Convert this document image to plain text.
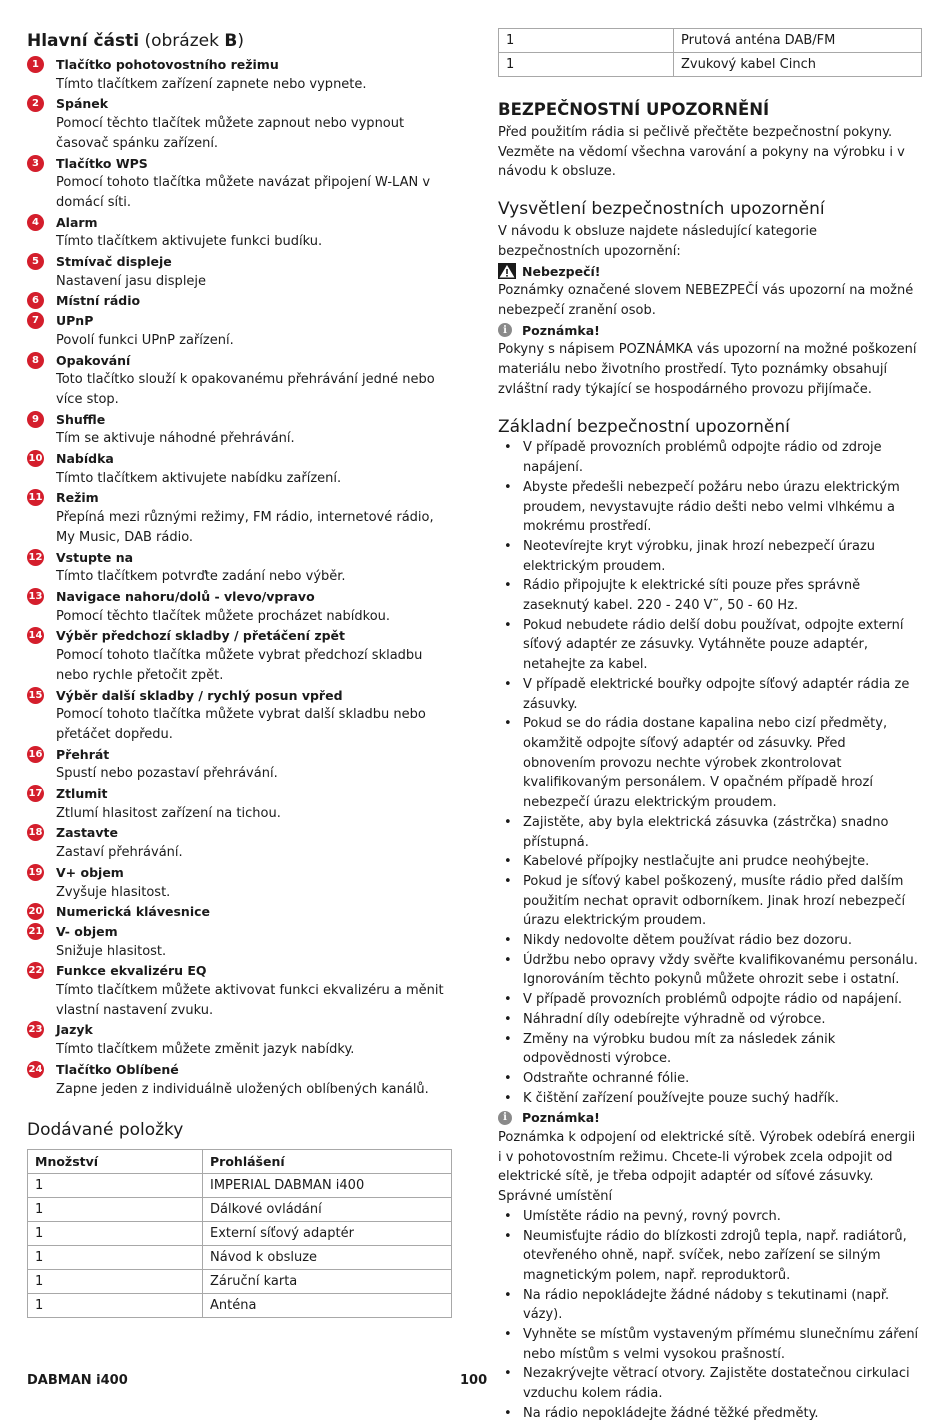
Hlavní části (obrázek B)
1	Tlačítko pohotovostního režimu
Tímto tlačítkem zařízení zapnete nebo vypnete.
2	Spánek
Pomocí těchto tlačítek můžete zapnout nebo vypnout časovač spánku zařízení.
3	Tlačítko WPS
Pomocí tohoto tlačítka můžete navázat připojení W-LAN v domácí síti.
4	Alarm
Tímto tlačítkem aktivujete funkci budíku.
5	Stmívač displeje
Nastavení jasu displeje
6	Místní rádio
7	UPnP
Povolí funkci UPnP zařízení.
8	Opakování
Toto tlačítko slouží k opakovanému přehrávání jedné nebo více stop.
9	Shuffle
Tím se aktivuje náhodné přehrávání.
10 Nabídka
Tímto tlačítkem aktivujete nabídku zařízení.
11 Režim
Přepíná mezi různými režimy, FM rádio, internetové rádio, My Music, DAB rádio.
12 Vstupte na
Tímto tlačítkem potvrďte zadání nebo výběr.
13 Navigace nahoru/dolů - vlevo/vpravo
Pomocí těchto tlačítek můžete procházet nabídkou.
14 Výběr předchozí skladby / přetáčení zpět
Pomocí tohoto tlačítka můžete vybrat předchozí skladbu nebo rychle přetočit zpět.
15 Výběr další skladby / rychlý posun vpřed
Pomocí tohoto tlačítka můžete vybrat další skladbu nebo přetáčet dopředu.
16 Přehrát
Spustí nebo pozastaví přehrávání.
17 Ztlumit
Ztlumí hlasitost zařízení na tichou.
18 Zastavte
Zastaví přehrávání.
19 V+ objem
Zvyšuje hlasitost.
20 Numerická klávesnice
21 V- objem
Snižuje hlasitost.
22 Funkce ekvalizéru EQ
Tímto tlačítkem můžete aktivovat funkci ekvalizéru a měnit vlastní nastavení zvuku.
23 Jazyk
Tímto tlačítkem můžete změnit jazyk nabídky.
24 Tlačítko Oblíbené
Zapne jeden z individuálně uložených oblíbených kanálů.
Dodávané položky
Množství	Prohlášení
1	IMPERIAL DABMAN i400
1	Dálkové ovládání
1	Externí síťový adaptér
1	Návod k obsluze
1	Záruční karta
1	Anténa
1	Prutová anténa DAB/FM
1	Zvukový kabel Cinch
BEZPEČNOSTNÍ UPOZORNĚNÍ

Před použitím rádia si pečlivě přečtěte bezpečnostní pokyny. Vezměte na vědomí všechna varování a pokyny na výrobku i v návodu k obsluze.

Vysvětlení bezpečnostních upozornění

V návodu k obsluze najdete následující kategorie bezpečnostních upozornění:

Nebezpečí!

Poznámky označené slovem NEBEZPEČÍ vás upozorní na možné nebezpečí zranění osob.

i	Poznámka!

Pokyny s nápisem POZNÁMKA vás upozorní na možné poškození materiálu nebo životního prostředí. Tyto poznámky obsahují zvláštní rady týkající se hospodárného provozu přijímače.

Základní bezpečnostní upozornění
• V případě provozních problémů odpojte rádio od zdroje napájení.
• Abyste předešli nebezpečí požáru nebo úrazu elektrickým proudem, nevystavujte rádio dešti nebo velmi vlhkému a mokrému prostředí.
• Neotevírejte kryt výrobku, jinak hrozí nebezpečí úrazu elektrickým proudem.
• Rádio připojujte k elektrické síti pouze přes správně zaseknutý kabel. 220 - 240 V˜, 50 - 60 Hz.
• Pokud nebudete rádio delší dobu používat, odpojte externí síťový adaptér ze zásuvky. Vytáhněte pouze adaptér, netahejte za kabel.
• V případě elektrické bouřky odpojte síťový adaptér rádia ze zásuvky.
• Pokud se do rádia dostane kapalina nebo cizí předměty, okamžitě odpojte síťový adaptér od zásuvky. Před obnovením provozu nechte výrobek zkontrolovat kvalifikovaným personálem. V opačném případě hrozí nebezpečí úrazu elektrickým proudem.
• Zajistěte, aby byla elektrická zásuvka (zástrčka) snadno přístupná.
• Kabelové přípojky nestlačujte ani prudce neohýbejte.
• Pokud je síťový kabel poškozený, musíte rádio před dalším použitím nechat opravit odborníkem. Jinak hrozí nebezpečí úrazu elektrickým proudem.
• Nikdy nedovolte dětem používat rádio bez dozoru.
• Údržbu nebo opravy vždy svěřte kvalifikovanému personálu. Ignorováním těchto pokynů můžete ohrozit sebe i ostatní.
• V případě provozních problémů odpojte rádio od napájení.
• Náhradní díly odebírejte výhradně od výrobce.
• Změny na výrobku budou mít za následek zánik odpovědnosti výrobce.
• Odstraňte ochranné fólie.
• K čištění zařízení používejte pouze suchý hadřík.
i	Poznámka!

Poznámka k odpojení od elektrické sítě. Výrobek odebírá energii i v pohotovostním režimu. Chcete-li výrobek zcela odpojit od elektrické sítě, je třeba odpojit adaptér od síťové zásuvky.

Správné umístění

• Umístěte rádio na pevný, rovný povrch.
• Neumisťujte rádio do blízkosti zdrojů tepla, např. radiátorů, otevřeného ohně, např. svíček, nebo zařízení se silným magnetickým polem, např. reproduktorů.
• Na rádio nepokládejte žádné nádoby s tekutinami (např. vázy).
• Vyhněte se místům vystaveným přímému slunečnímu záření nebo místům s velmi vysokou prašností.
• Nezakrývejte větrací otvory. Zajistěte dostatečnou cirkulaci vzduchu kolem rádia.
• Na rádio nepokládejte žádné těžké předměty.
DABMAN i400	100
